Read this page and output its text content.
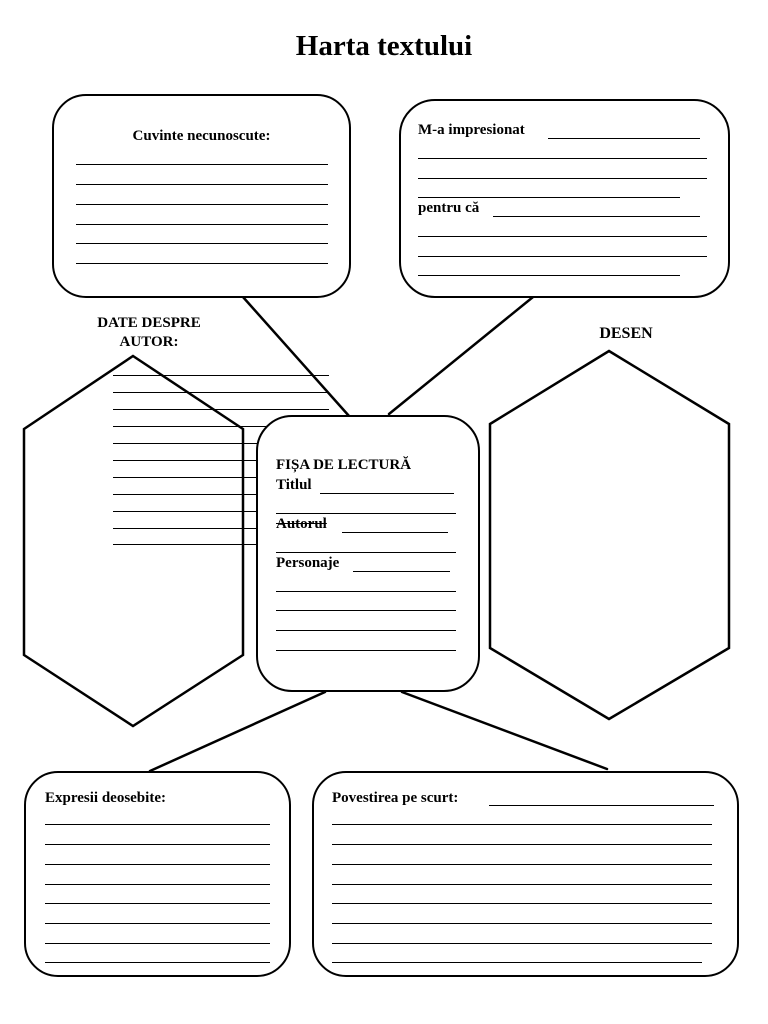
Harta textului
Cuvinte necunoscute:	M-a impresionat
pentru că
DATE DESPRE
AUTOR:	DESEN
FIȘA DE LECTURĂ
Titlul
Autorul
Personaje
Expresii deosebite:	Povestirea pe scurt:
